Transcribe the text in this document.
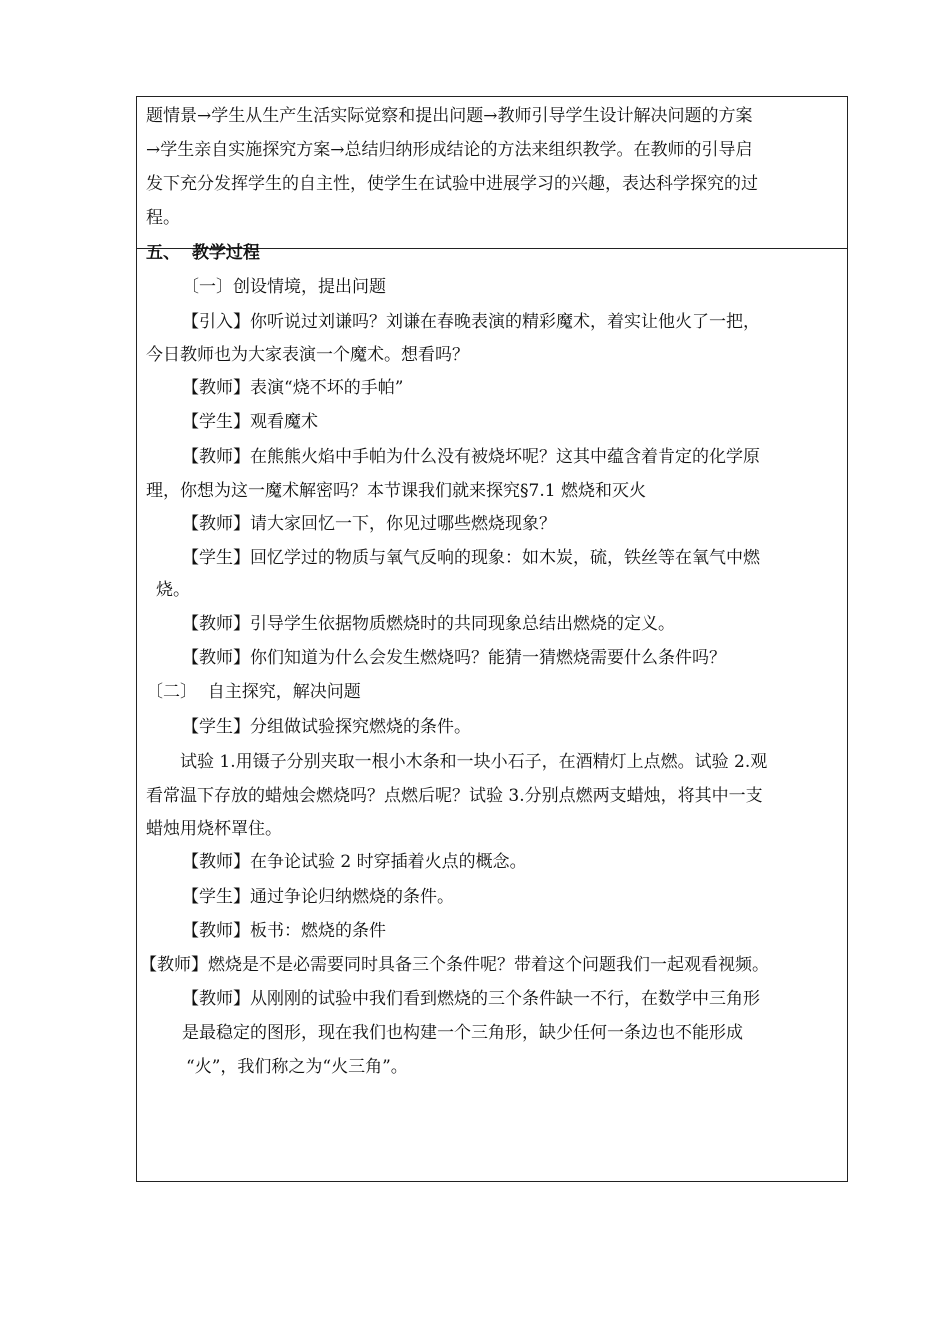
题情景→学生从生产生活实际觉察和提出问题→教师引导学生设计解决问题的方案
→学生亲自实施探究方案→总结归纳形成结论的方法来组织教学。在教师的引导启
发下充分发挥学生的自主性，使学生在试验中进展学习的兴趣，表达科学探究的过
程。
五、  教学过程
〔一〕创设情境，提出问题
【引入】你听说过刘谦吗？刘谦在春晚表演的精彩魔术，着实让他火了一把，
今日教师也为大家表演一个魔术。想看吗？
【教师】表演“烧不坏的手帕”
【学生】观看魔术
【教师】在熊熊火焰中手帕为什么没有被烧坏呢？这其中蕴含着肯定的化学原
理，你想为这一魔术解密吗？本节课我们就来探究§7.1 燃烧和灭火
【教师】请大家回忆一下，你见过哪些燃烧现象？
【学生】回忆学过的物质与氧气反响的现象：如木炭，硫，铁丝等在氧气中燃
烧。
【教师】引导学生依据物质燃烧时的共同现象总结出燃烧的定义。
【教师】你们知道为什么会发生燃烧吗？能猜一猜燃烧需要什么条件吗？
〔二〕  自主探究，解决问题
【学生】分组做试验探究燃烧的条件。
试验 1.用镊子分别夹取一根小木条和一块小石子，在酒精灯上点燃。试验 2.观
看常温下存放的蜡烛会燃烧吗？点燃后呢？试验 3.分别点燃两支蜡烛，将其中一支
蜡烛用烧杯罩住。
【教师】在争论试验 2 时穿插着火点的概念。
【学生】通过争论归纳燃烧的条件。
【教师】板书：燃烧的条件
【教师】燃烧是不是必需要同时具备三个条件呢？带着这个问题我们一起观看视频。
【教师】从刚刚的试验中我们看到燃烧的三个条件缺一不行，在数学中三角形
是最稳定的图形，现在我们也构建一个三角形，缺少任何一条边也不能形成
“火”，我们称之为“火三角”。
